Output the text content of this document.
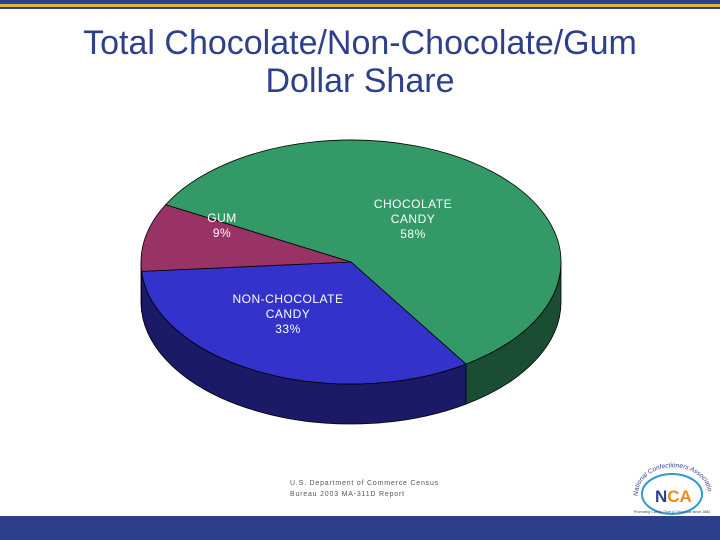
Total Chocolate/Non-Chocolate/Gum
Dollar Share
CHOCOLATE CANDY 58%
NON-CHOCOLATE CANDY 33%
GUM 9%
U.S. Department of Commerce Census
Bureau 2003 MA-311D Report	National Confectioners Associatio
NCA
Promoting Candy, Gum & Chocolate since 1884
